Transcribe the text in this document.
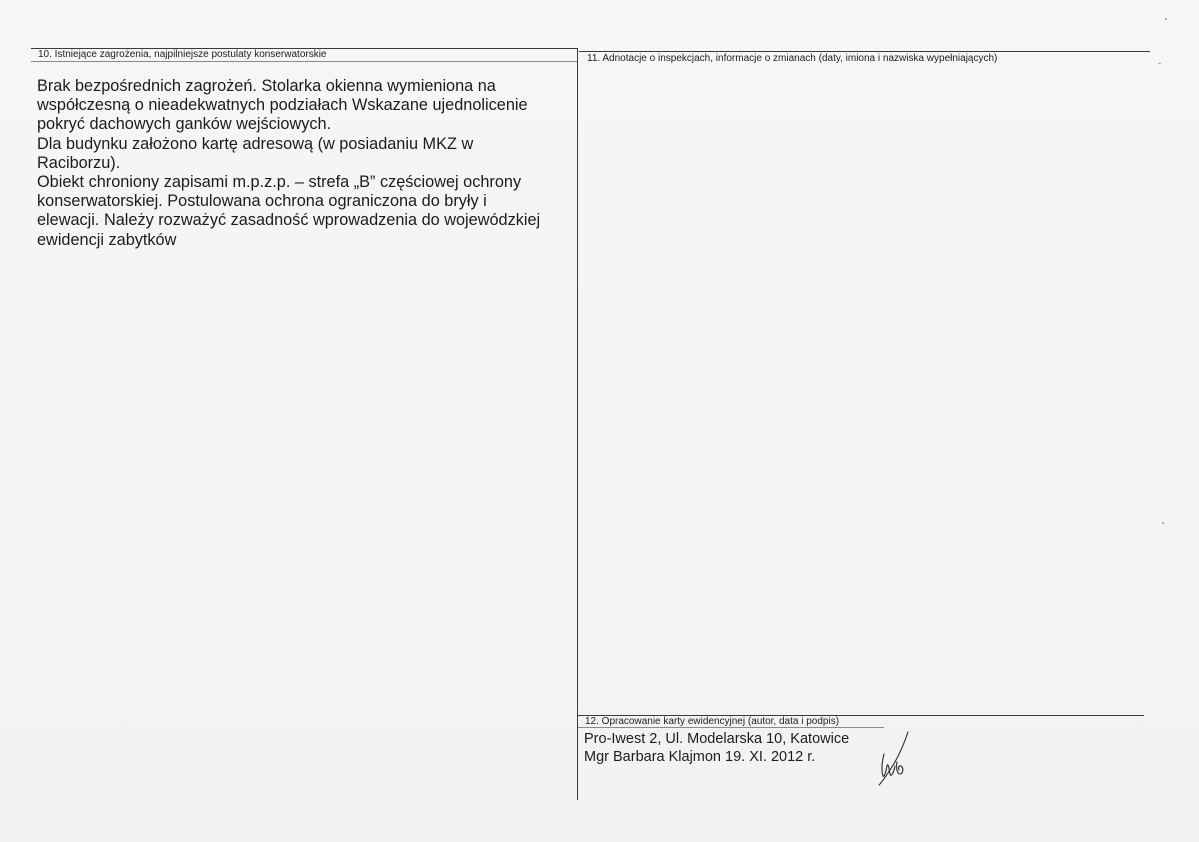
10. Istniejące zagrożenia, najpilniejsze postulaty konserwatorskie
Brak bezpośrednich zagrożeń. Stolarka okienna wymieniona na
współczesną o nieadekwatnych podziałach Wskazane ujednolicenie
pokryć dachowych ganków wejściowych.
Dla budynku założono kartę adresową (w posiadaniu MKZ w
Raciborzu).
Obiekt chroniony zapisami m.p.z.p. – strefa „B” częściowej ochrony
konserwatorskiej. Postulowana ochrona ograniczona do bryły i
elewacji. Należy rozważyć zasadność wprowadzenia do wojewódzkiej
ewidencji zabytków
11. Adnotacje o inspekcjach, informacje o zmianach (daty, imiona i nazwiska wypełniających)
12. Opracowanie karty ewidencyjnej (autor, data i podpis)
Pro-Iwest 2, Ul. Modelarska 10, Katowice
Mgr Barbara Klajmon 19. XI. 2012 r.
